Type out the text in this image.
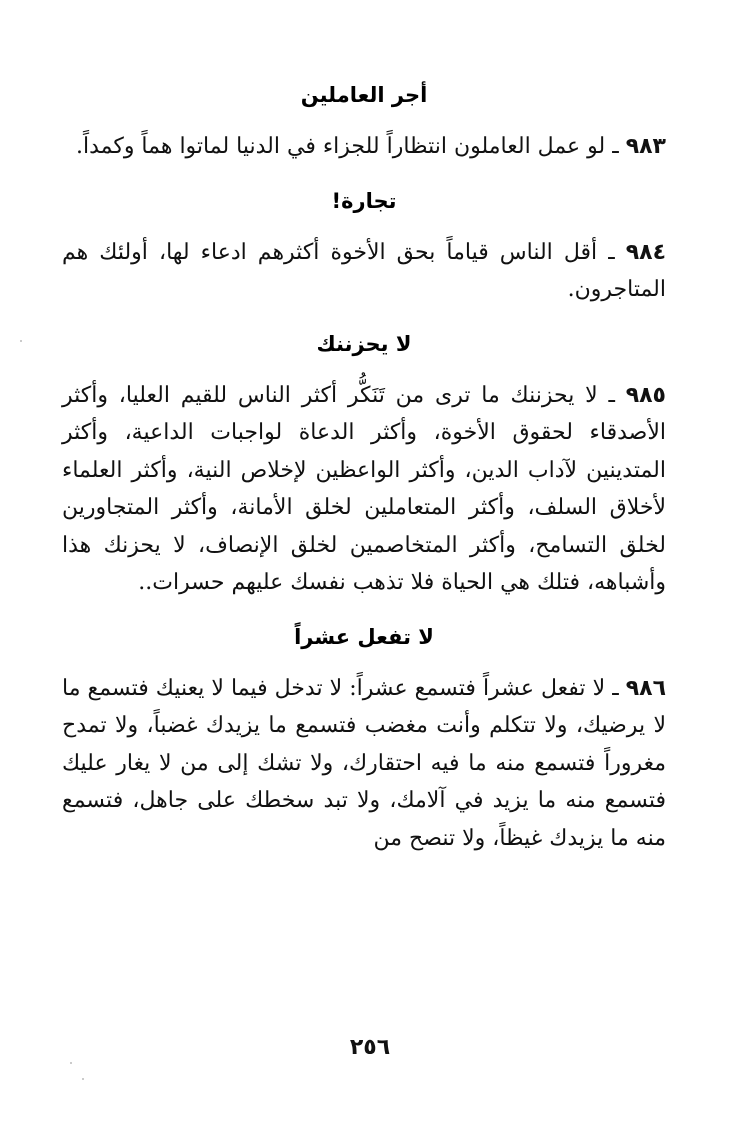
أجر العاملين

٩٨٣ ـ لو عمل العاملون انتظاراً للجزاء في الدنيا لماتوا هماً وكمداً.

تجارة!

٩٨٤ ـ أقل الناس قياماً بحق الأخوة أكثرهم ادعاء لها، أولئك هم المتاجرون.

لا يحزننك

٩٨٥ ـ لا يحزننك ما ترى من تَنَكُّر أكثر الناس للقيم العليا، وأكثر الأصدقاء لحقوق الأخوة، وأكثر الدعاة لواجبات الداعية، وأكثر المتدينين لآداب الدين، وأكثر الواعظين لإخلاص النية، وأكثر العلماء لأخلاق السلف، وأكثر المتعاملين لخلق الأمانة، وأكثر المتجاورين لخلق التسامح، وأكثر المتخاصمين لخلق الإنصاف، لا يحزنك هذا وأشباهه، فتلك هي الحياة فلا تذهب نفسك عليهم حسرات..

لا تفعل عشراً

٩٨٦ ـ لا تفعل عشراً فتسمع عشراً: لا تدخل فيما لا يعنيك فتسمع ما لا يرضيك، ولا تتكلم وأنت مغضب فتسمع ما يزيدك غضباً، ولا تمدح مغروراً فتسمع منه ما فيه احتقارك، ولا تشك إلى من لا يغار عليك فتسمع منه ما يزيد في آلامك، ولا تبد سخطك على جاهل، فتسمع منه ما يزيدك غيظاً، ولا تنصح من

٢٥٦
